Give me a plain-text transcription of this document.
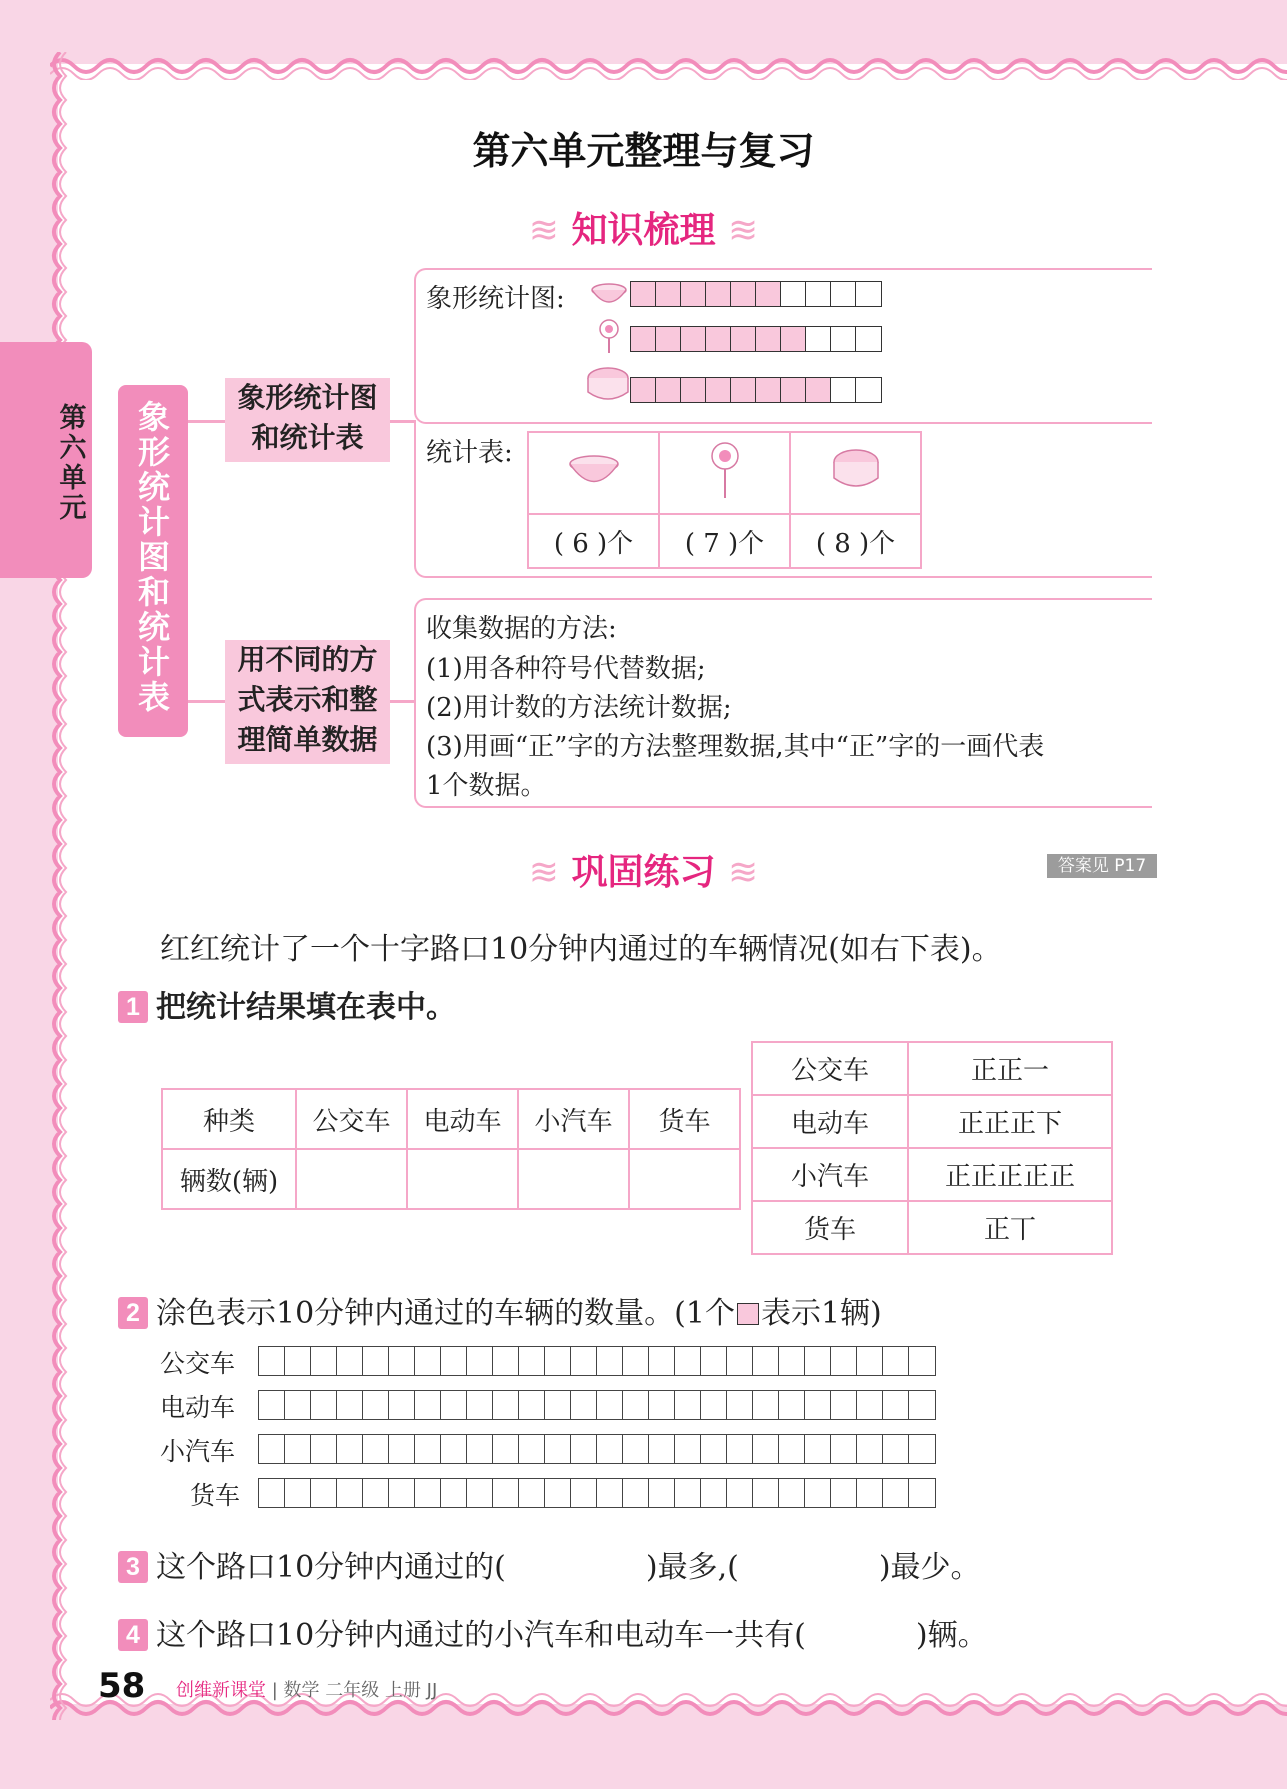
第六单元
第六单元整理与复习
≋ 知识梳理 ≋
象形统计图和统计表
象形统计图
和统计表
用不同的方
式表示和整
理简单数据
象形统计图:
统计表:

( 6 )个	( 7 )个	( 8 )个
收集数据的方法:
(1)用各种符号代替数据;
(2)用计数的方法统计数据;
(3)用画“正”字的方法整理数据,其中“正”字的一画代表
1个数据。
≋ 巩固练习 ≋	答案见 P17
红红统计了一个十字路口10分钟内通过的车辆情况(如右下表)。
1 把统计结果填在表中。
种类	公交车	电动车	小汽车	货车
辆数(辆)				
公交车	正正一
电动车	正正正下
小汽车	正正正正正
货车	正丅
2 涂色表示10分钟内通过的车辆的数量。(1个 表示1辆)
公交车
电动车
小汽车
货车
3 这个路口10分钟内通过的(	)最多,(	)最少。
4 这个路口10分钟内通过的小汽车和电动车一共有(	)辆。
58 创维新课堂 | 数学 二年级 上册 JJ
